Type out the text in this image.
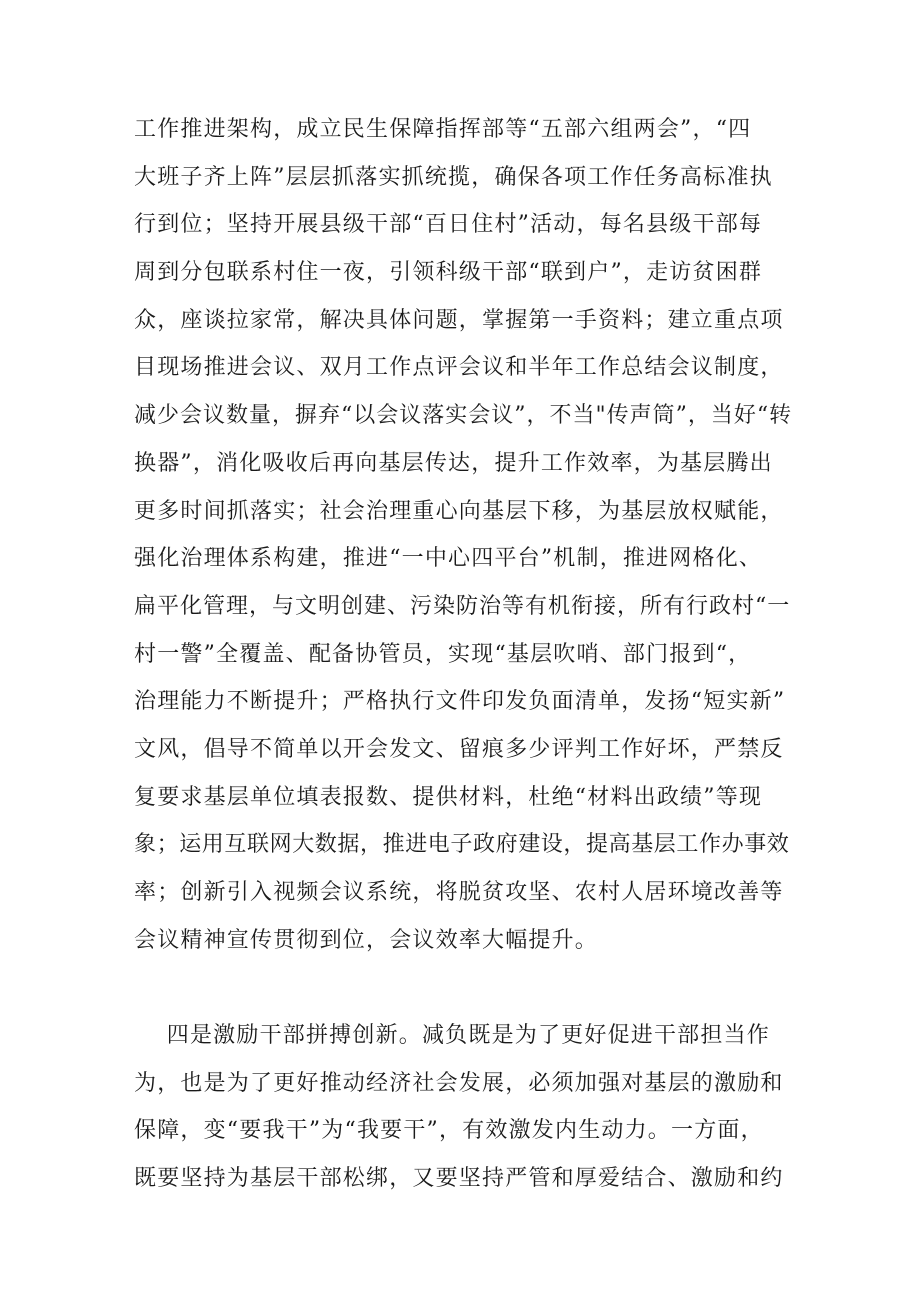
工作推进架构，成立民生保障指挥部等“五部六组两会”，“四
大班子齐上阵”层层抓落实抓统揽，确保各项工作任务高标准执
行到位；坚持开展县级干部“百日住村”活动，每名县级干部每
周到分包联系村住一夜，引领科级干部“联到户”，走访贫困群
众，座谈拉家常，解决具体问题，掌握第一手资料；建立重点项
目现场推进会议、双月工作点评会议和半年工作总结会议制度，
减少会议数量，摒弃“以会议落实会议”，不当"传声筒”，当好“转
换器”，消化吸收后再向基层传达，提升工作效率，为基层腾出
更多时间抓落实；社会治理重心向基层下移，为基层放权赋能，
强化治理体系构建，推进“一中心四平台”机制，推进网格化、
扁平化管理，与文明创建、污染防治等有机衔接，所有行政村“一
村一警”全覆盖、配备协管员，实现“基层吹哨、部门报到“，
治理能力不断提升；严格执行文件印发负面清单，发扬“短实新”
文风，倡导不简单以开会发文、留痕多少评判工作好坏，严禁反
复要求基层单位填表报数、提供材料，杜绝“材料出政绩”等现
象；运用互联网大数据，推进电子政府建设，提高基层工作办事效
率；创新引入视频会议系统，将脱贫攻坚、农村人居环境改善等
会议精神宣传贯彻到位，会议效率大幅提升。
四是激励干部拼搏创新。减负既是为了更好促进干部担当作
为，也是为了更好推动经济社会发展，必须加强对基层的激励和
保障，变“要我干”为“我要干”，有效激发内生动力。一方面，
既要坚持为基层干部松绑，又要坚持严管和厚爱结合、激励和约
